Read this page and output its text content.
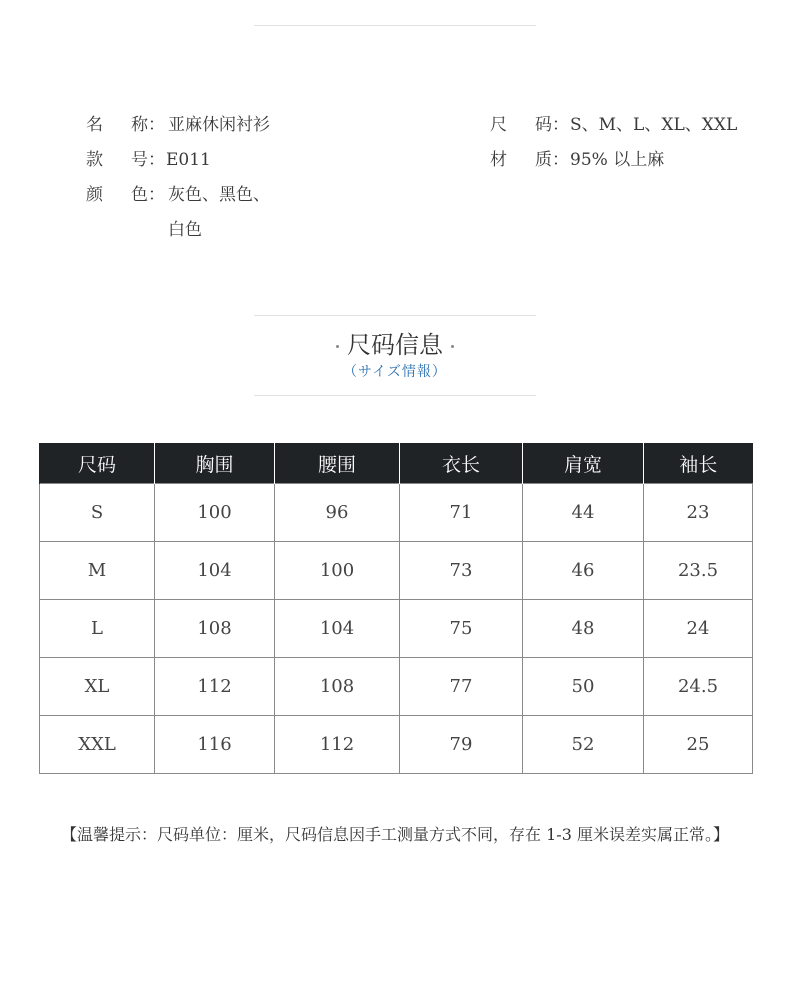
名 称： 亚麻休闲衬衫
款 号：E011
颜 色： 灰色、黑色、
白色
尺 码：S、M、L、XL、XXL
材 质：95% 以上麻
尺码信息
（サイズ情報）
尺码	胸围	腰围	衣长	肩宽	袖长
S	100	96	71	44	23
M	104	100	73	46	23.5
L	108	104	75	48	24
XL	112	108	77	50	24.5
XXL	116	112	79	52	25
【温馨提示：尺码单位：厘米，尺码信息因手工测量方式不同，存在 1-3 厘米误差实属正常。】
